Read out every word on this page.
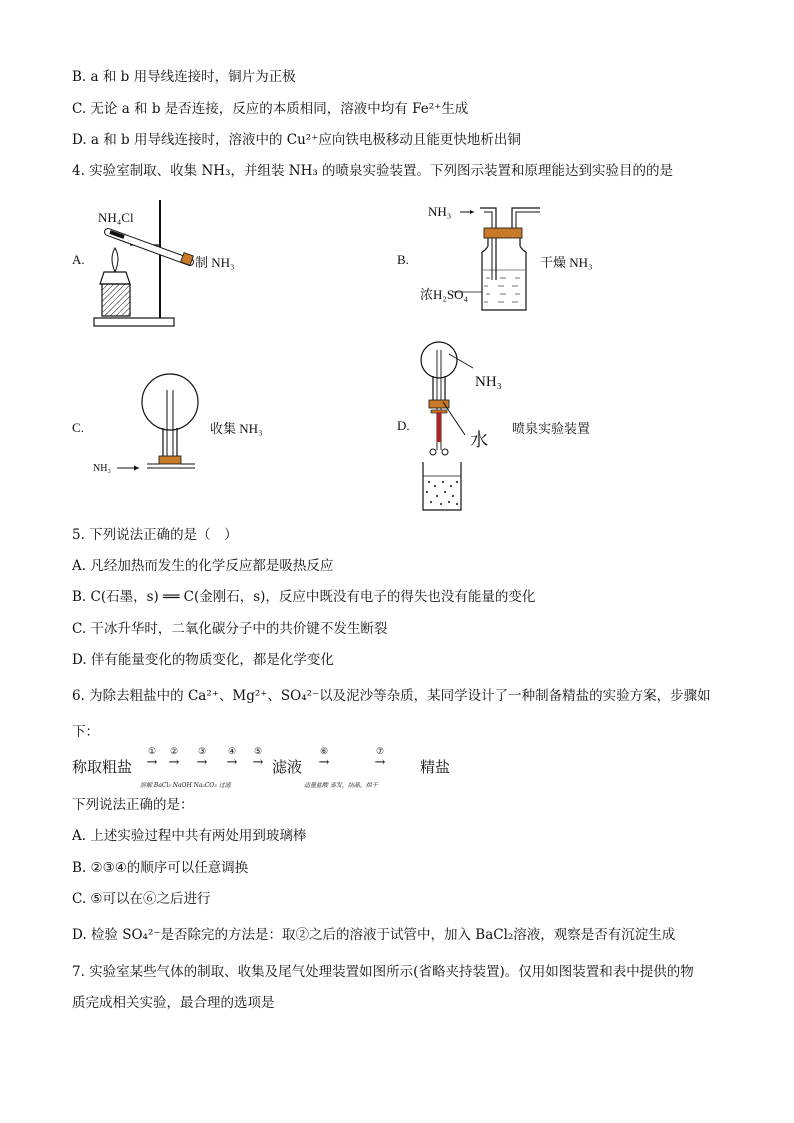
B. a 和 b 用导线连接时，铜片为正极
C. 无论 a 和 b 是否连接，反应的本质相同，溶液中均有 Fe²⁺生成
D. a 和 b 用导线连接时，溶液中的 Cu²⁺应向铁电极移动且能更快地析出铜
4. 实验室制取、收集 NH₃，并组装 NH₃ 的喷泉实验装置。下列图示装置和原理能达到实验目的的是
A.
NH₄Cl
制 NH₃	B.
NH₃
干燥 NH₃
浓H₂SO₄
C.
NH₃
收集 NH₃	D.
NH₃
水
喷泉实验装置
5. 下列说法正确的是（　）
A. 凡经加热而发生的化学反应都是吸热反应
B. C(石墨，s) ══ C(金刚石，s)，反应中既没有电子的得失也没有能量的变化
C. 干冰升华时，二氧化碳分子中的共价键不发生断裂
D. 伴有能量变化的物质变化，都是化学变化
6. 为除去粗盐中的 Ca²⁺、Mg²⁺、SO₄²⁻以及泥沙等杂质，某同学设计了一种制备精盐的实验方案，步骤如
下：
称取粗盐
①
→
②
→
③
→
④
→
⑤
→ 滤液
⑥
→
⑦
→	精盐
溶解 BaCl₂ NaOH Na₂CO₃ 过滤	适量盐酸 蒸发，结晶，烘干
下列说法正确的是：
A. 上述实验过程中共有两处用到玻璃棒
B. ②③④的顺序可以任意调换
C. ⑤可以在⑥之后进行
D. 检验 SO₄²⁻是否除完的方法是：取②之后的溶液于试管中，加入 BaCl₂溶液，观察是否有沉淀生成
7. 实验室某些气体的制取、收集及尾气处理装置如图所示(省略夹持装置)。仅用如图装置和表中提供的物
质完成相关实验，最合理的选项是
